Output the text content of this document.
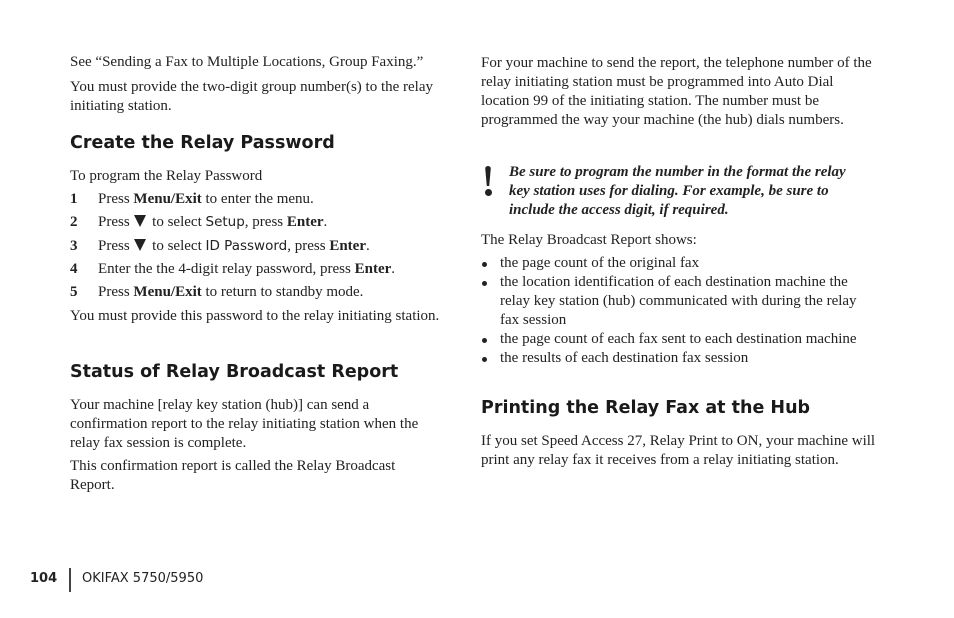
See “Sending a Fax to Multiple Locations, Group Faxing.”

You must provide the two-digit group number(s) to the relay initiating station.

Create the Relay Password

To program the Relay Password

1 Press Menu/Exit to enter the menu.
2 Press  to select Setup, press Enter.
3 Press  to select ID Password, press Enter.
4 Enter the the 4-digit relay password, press Enter.
5 Press Menu/Exit to return to standby mode.

You must provide this password to the relay initiating station.

Status of Relay Broadcast Report

Your machine [relay key station (hub)] can send a confirmation report to the relay initiating station when the relay fax session is complete.

This confirmation report is called the Relay Broadcast Report.

For your machine to send the report, the telephone number of the relay initiating station must be programmed into Auto Dial location 99 of the initiating station. The number must be programmed the way your machine (the hub) dials numbers.

Be sure to program the number in the format the relay key station uses for dialing. For example, be sure to include the access digit, if required.

The Relay Broadcast Report shows:

the page count of the original fax
the location identification of each destination machine the relay key station (hub) communicated with during the relay fax session
the page count of each fax sent to each destination machine
the results of each destination fax session
Printing the Relay Fax at the Hub

If you set Speed Access 27, Relay Print to ON, your machine will print any relay fax it receives from a relay initiating station.

104 OKIFAX 5750/5950
